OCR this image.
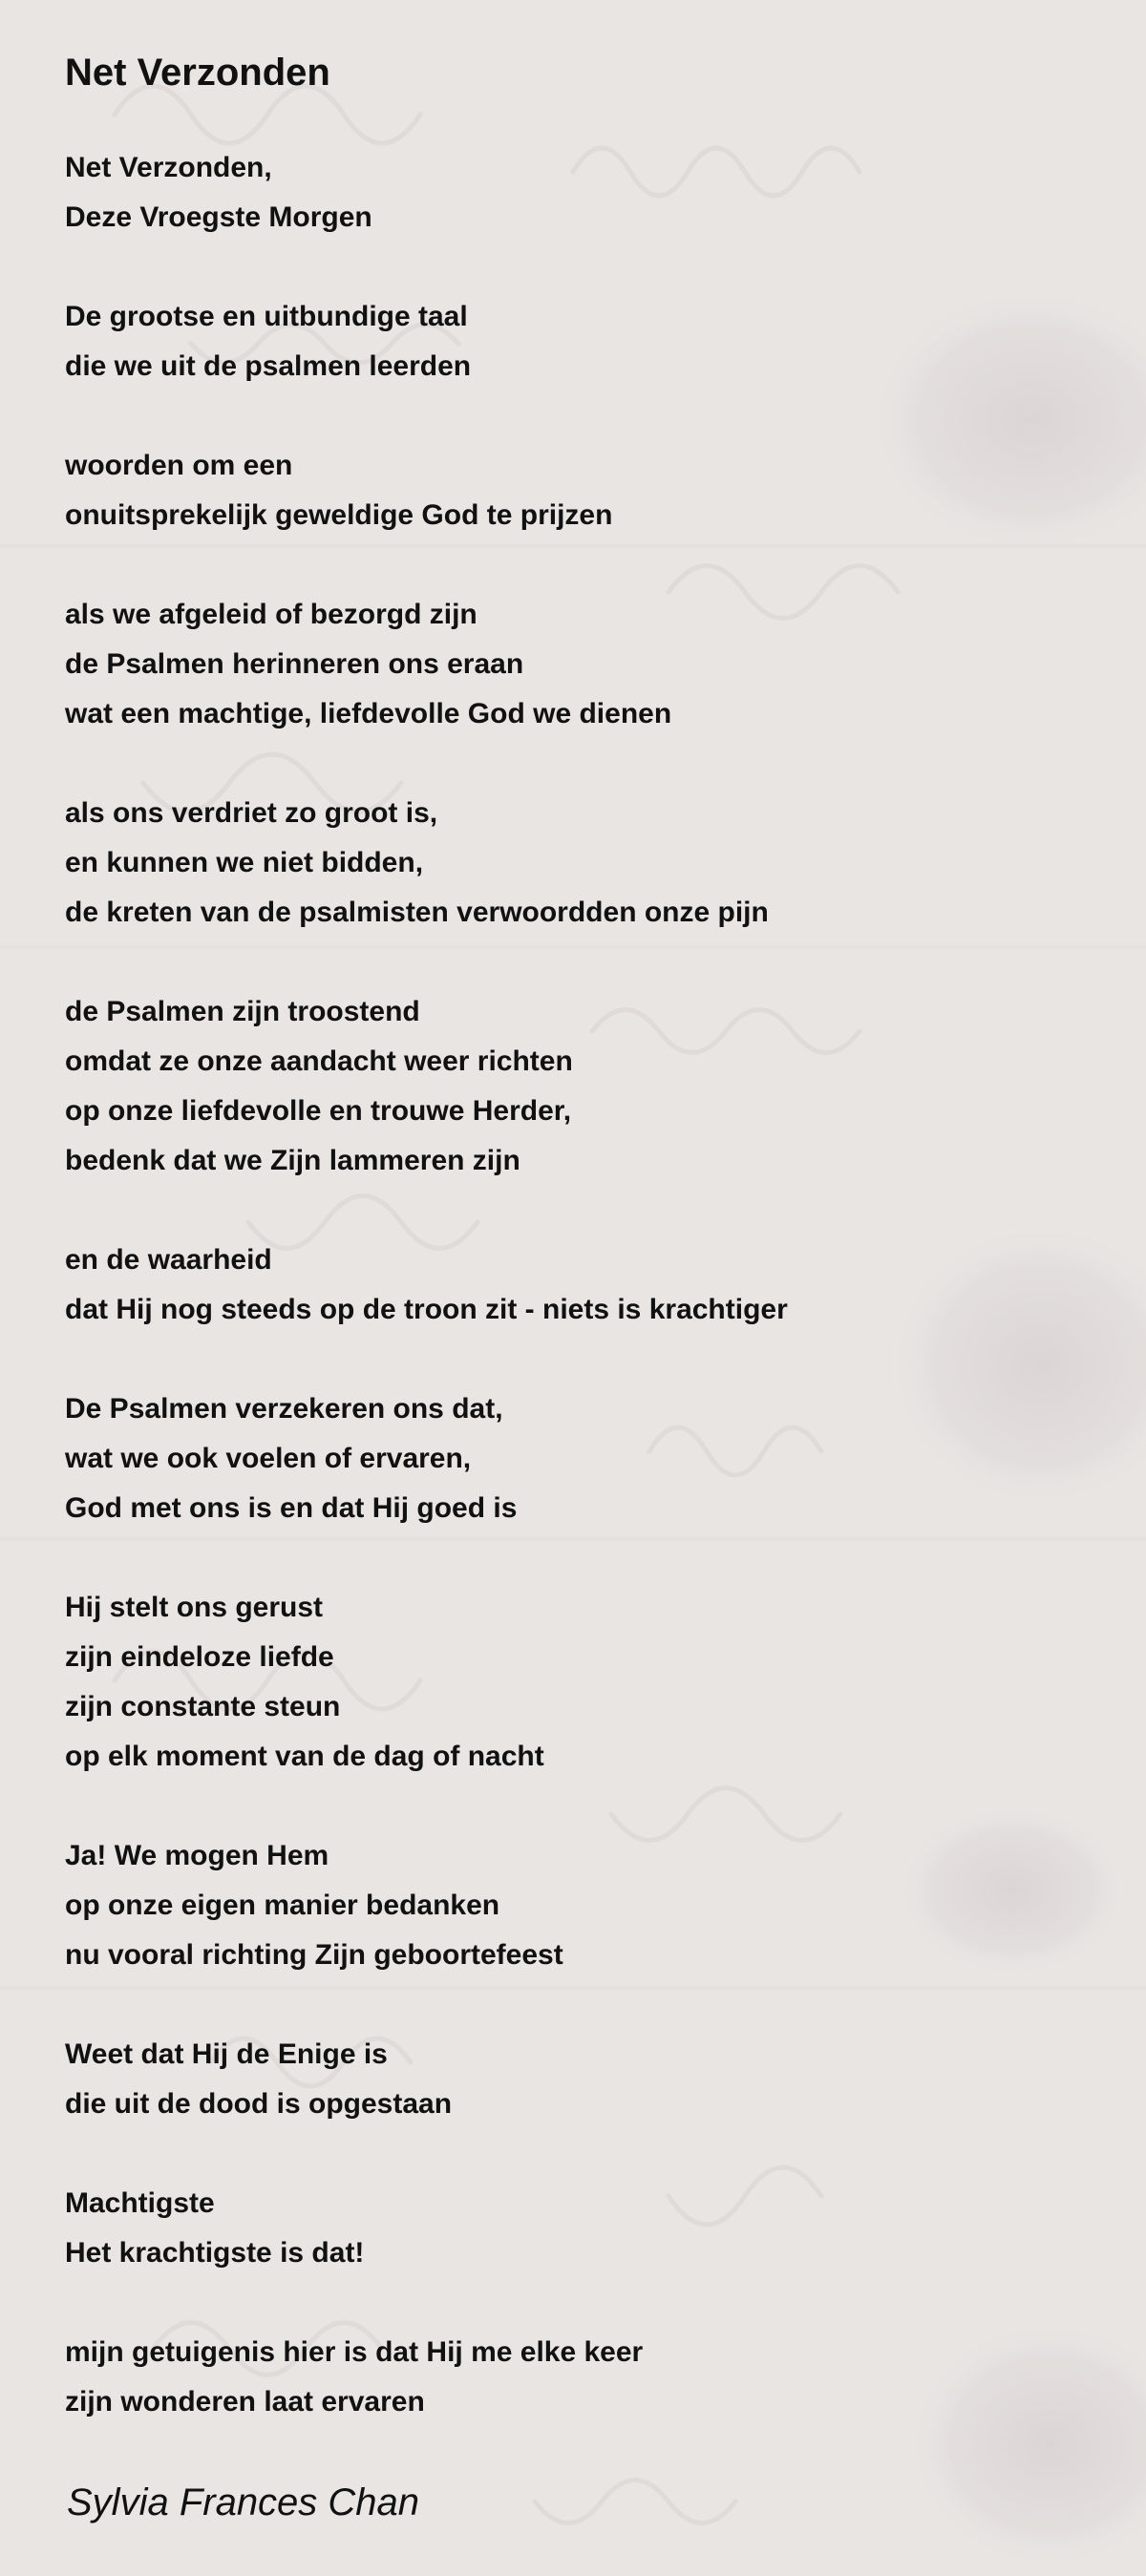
Net Verzonden
Net Verzonden,
Deze Vroegste Morgen
De grootse en uitbundige taal
die we uit de psalmen leerden
woorden om een
onuitsprekelijk geweldige God te prijzen
als we afgeleid of bezorgd zijn
de Psalmen herinneren ons eraan
wat een machtige, liefdevolle God we dienen
als ons verdriet zo groot is,
en kunnen we niet bidden,
de kreten van de psalmisten verwoordden onze pijn
de Psalmen zijn troostend
omdat ze onze aandacht weer richten
op onze liefdevolle en trouwe Herder,
bedenk dat we Zijn lammeren zijn
en de waarheid
dat Hij nog steeds op de troon zit - niets is krachtiger
De Psalmen verzekeren ons dat,
wat we ook voelen of ervaren,
God met ons is en dat Hij goed is
Hij stelt ons gerust
zijn eindeloze liefde
zijn constante steun
op elk moment van de dag of nacht
Ja! We mogen Hem
op onze eigen manier bedanken
nu vooral richting Zijn geboortefeest
Weet dat Hij de Enige is
die uit de dood is opgestaan
Machtigste
Het krachtigste is dat!
mijn getuigenis hier is dat Hij me elke keer
zijn wonderen laat ervaren
Sylvia Frances Chan
